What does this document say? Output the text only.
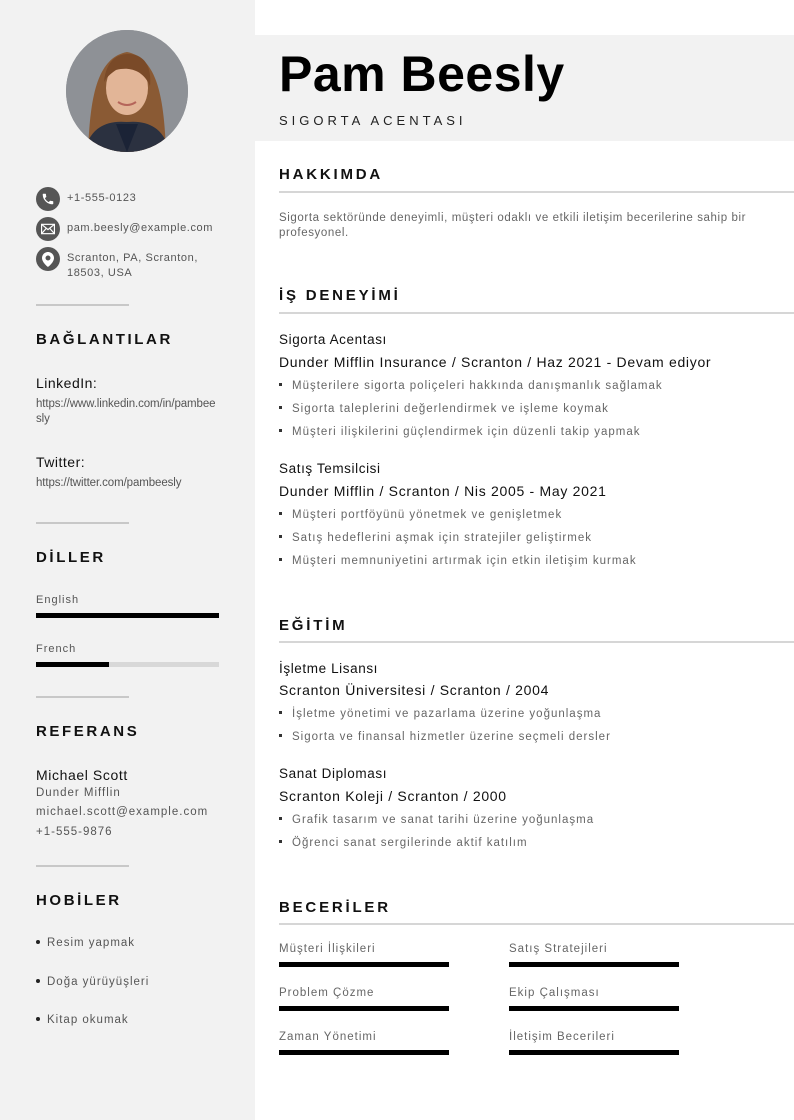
+1-555-0123
pam.beesly@example.com
Scranton, PA, Scranton,
18503, USA
BAĞLANTILAR
LinkedIn:
https://www.linkedin.com/in/pambeesly
Twitter:
https://twitter.com/pambeesly
DİLLER
English
French
REFERANS
Michael Scott
Dunder Mifflin
michael.scott@example.com
+1-555-9876
HOBİLER
Resim yapmak
Doğa yürüyüşleri
Kitap okumak
Pam Beesly
SIGORTA ACENTASI
HAKKIMDA
Sigorta sektöründe deneyimli, müşteri odaklı ve etkili iletişim becerilerine sahip bir profesyonel.
İŞ DENEYİMİ
Sigorta Acentası
Dunder Mifflin Insurance / Scranton / Haz 2021 - Devam ediyor
Müşterilere sigorta poliçeleri hakkında danışmanlık sağlamak
Sigorta taleplerini değerlendirmek ve işleme koymak
Müşteri ilişkilerini güçlendirmek için düzenli takip yapmak
Satış Temsilcisi
Dunder Mifflin / Scranton / Nis 2005 - May 2021
Müşteri portföyünü yönetmek ve genişletmek
Satış hedeflerini aşmak için stratejiler geliştirmek
Müşteri memnuniyetini artırmak için etkin iletişim kurmak
EĞİTİM
İşletme Lisansı
Scranton Üniversitesi / Scranton / 2004
İşletme yönetimi ve pazarlama üzerine yoğunlaşma
Sigorta ve finansal hizmetler üzerine seçmeli dersler
Sanat Diploması
Scranton Koleji / Scranton / 2000
Grafik tasarım ve sanat tarihi üzerine yoğunlaşma
Öğrenci sanat sergilerinde aktif katılım
BECERİLER
Müşteri İlişkileri	Satış Stratejileri
Problem Çözme	Ekip Çalışması
Zaman Yönetimi	İletişim Becerileri
